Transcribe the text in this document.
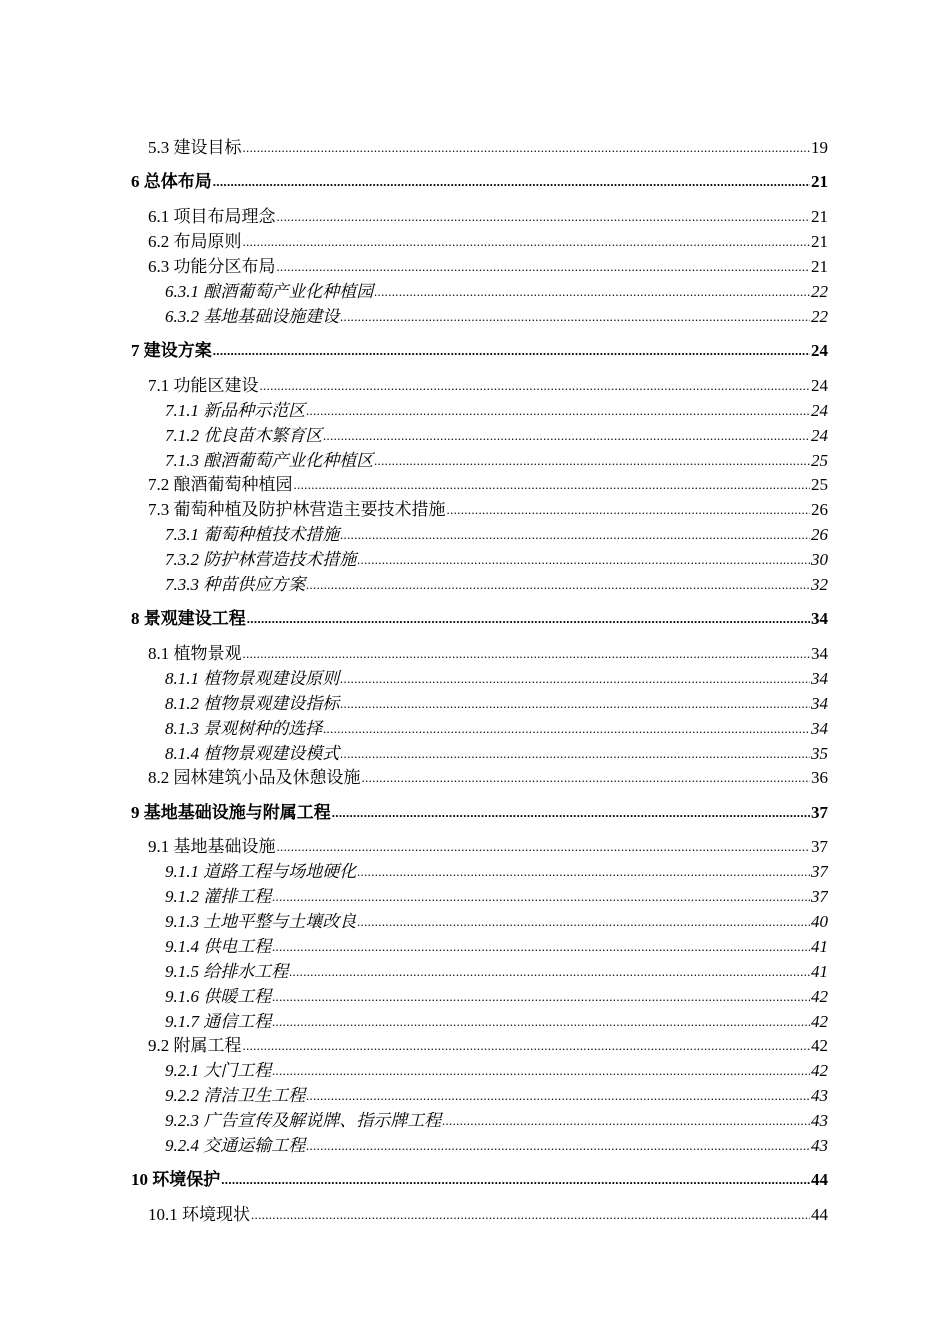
5.3 建设目标 .....	19
6 总体布局 .....	21
6.1 项目布局理念 .....	21
6.2 布局原则 .....	21
6.3 功能分区布局 .....	21
6.3.1 酿酒葡萄产业化种植园 .....	22
6.3.2 基地基础设施建设 .....	22
7 建设方案 .....	24
7.1 功能区建设 .....	24
7.1.1 新品种示范区 .....	24
7.1.2 优良苗木繁育区 .....	24
7.1.3 酿酒葡萄产业化种植区 .....	25
7.2 酿酒葡萄种植园 .....	25
7.3 葡萄种植及防护林营造主要技术措施 .....	26
7.3.1 葡萄种植技术措施 .....	26
7.3.2 防护林营造技术措施 .....	30
7.3.3 种苗供应方案 .....	32
8 景观建设工程 .....	34
8.1 植物景观 .....	34
8.1.1 植物景观建设原则 .....	34
8.1.2 植物景观建设指标 .....	34
8.1.3 景观树种的选择 .....	34
8.1.4 植物景观建设模式 .....	35
8.2 园林建筑小品及休憩设施 .....	36
9 基地基础设施与附属工程 .....	37
9.1 基地基础设施 .....	37
9.1.1 道路工程与场地硬化 .....	37
9.1.2 灌排工程 .....	37
9.1.3 土地平整与土壤改良 .....	40
9.1.4 供电工程 .....	41
9.1.5 给排水工程 .....	41
9.1.6 供暖工程 .....	42
9.1.7 通信工程 .....	42
9.2 附属工程 .....	42
9.2.1 大门工程 .....	42
9.2.2 清洁卫生工程 .....	43
9.2.3 广告宣传及解说牌、指示牌工程 .....	43
9.2.4 交通运输工程 .....	43
10 环境保护 .....	44
10.1 环境现状 .....	44
